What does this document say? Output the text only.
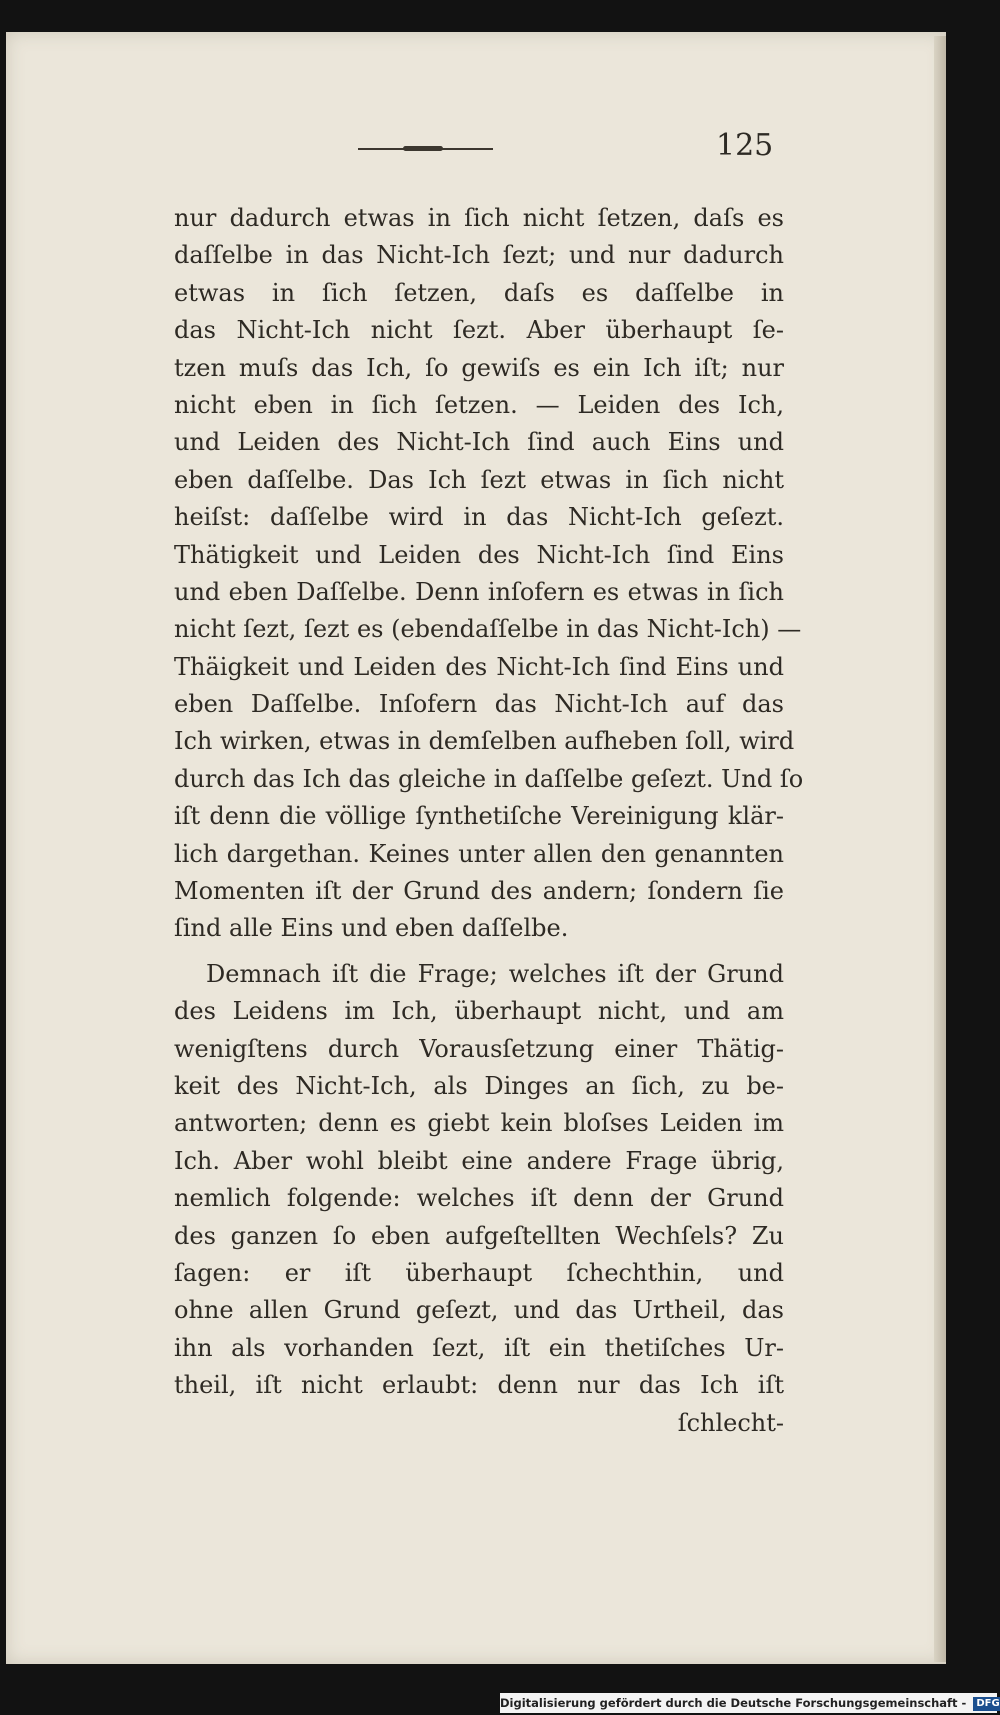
125
nur dadurch etwas in ſich nicht ſetzen, daſs es
daſſelbe in das Nicht-Ich ſezt; und nur dadurch
etwas in ſich ſetzen, daſs es daſſelbe in
das Nicht-Ich nicht ſezt. Aber überhaupt ſe-
tzen muſs das Ich, ſo gewiſs es ein Ich iſt; nur
nicht eben in ſich ſetzen. — Leiden des Ich,
und Leiden des Nicht-Ich ſind auch Eins und
eben daſſelbe. Das Ich ſezt etwas in ſich nicht
heiſst: daſſelbe wird in das Nicht-Ich geſezt.
Thätigkeit und Leiden des Nicht-Ich ſind Eins
und eben Daſſelbe. Denn inſofern es etwas in ſich
nicht ſezt, ſezt es (ebendaſſelbe in das Nicht-Ich) —
Thäigkeit und Leiden des Nicht-Ich ſind Eins und
eben Daſſelbe. Inſofern das Nicht-Ich auf das
Ich wirken, etwas in demſelben aufheben ſoll, wird
durch das Ich das gleiche in daſſelbe geſezt. Und ſo
iſt denn die völlige ſynthetiſche Vereinigung klär-
lich dargethan. Keines unter allen den genannten
Momenten iſt der Grund des andern; ſondern ſie
ſind alle Eins und eben daſſelbe.
Demnach iſt die Frage; welches iſt der Grund
des Leidens im Ich, überhaupt nicht, und am
wenigſtens durch Vorausſetzung einer Thätig-
keit des Nicht-Ich, als Dinges an ſich, zu be-
antworten; denn es giebt kein bloſses Leiden im
Ich. Aber wohl bleibt eine andere Frage übrig,
nemlich folgende: welches iſt denn der Grund
des ganzen ſo eben aufgeſtellten Wechſels? Zu
ſagen: er iſt überhaupt ſchechthin, und
ohne allen Grund geſezt, und das Urtheil, das
ihn als vorhanden ſezt, iſt ein thetiſches Ur-
theil, iſt nicht erlaubt: denn nur das Ich iſt
ſchlecht-
Digitalisierung gefördert durch die Deutsche Forschungsgemeinschaft - DFG
